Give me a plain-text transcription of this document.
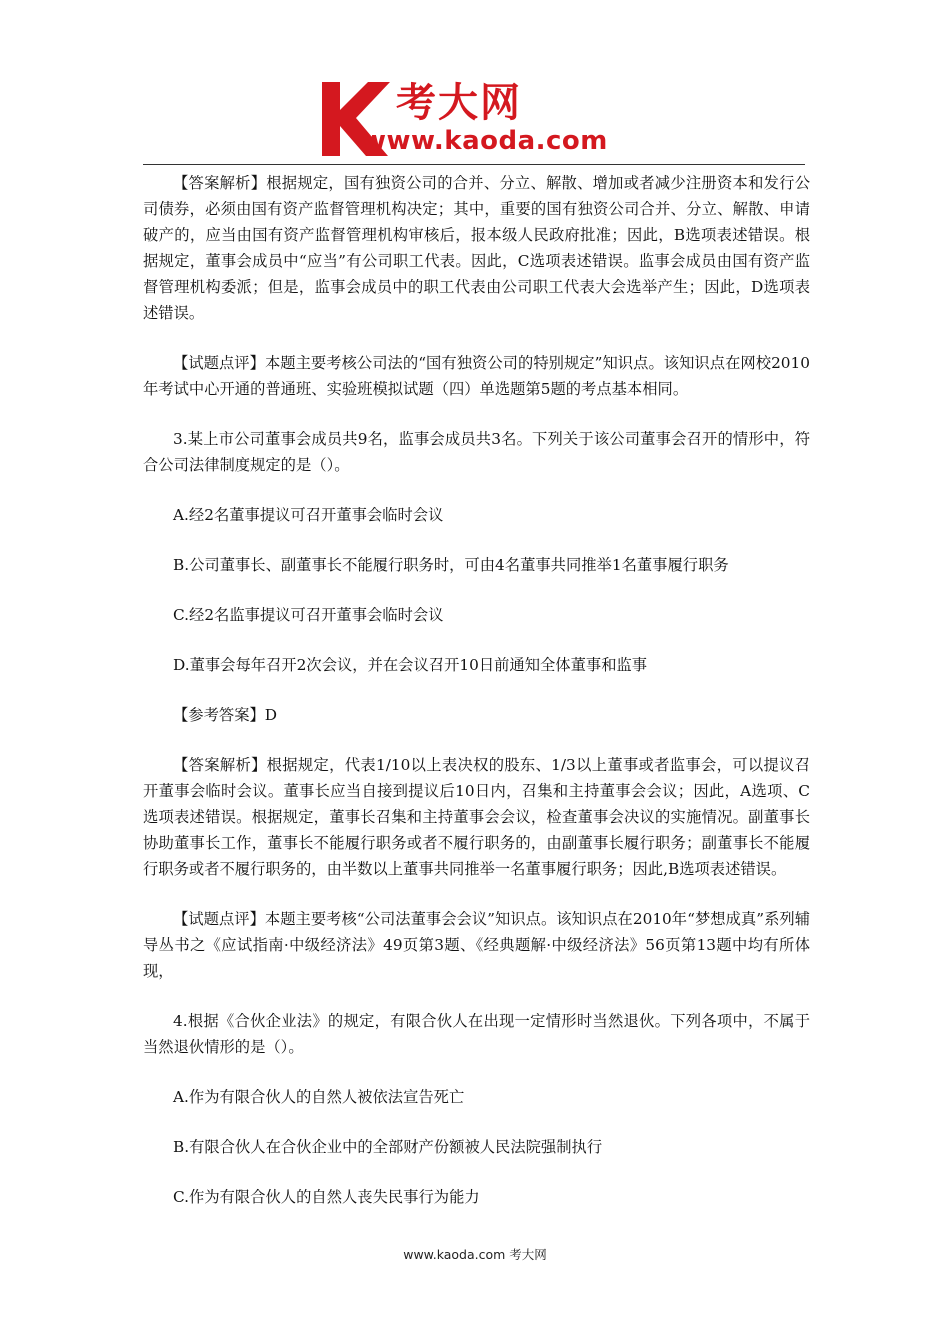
考大网
www.kaoda.com

【答案解析】根据规定，国有独资公司的合并、分立、解散、增加或者减少注册资本和发行公司债券，必须由国有资产监督管理机构决定；其中，重要的国有独资公司合并、分立、解散、申请破产的，应当由国有资产监督管理机构审核后，报本级人民政府批准；因此，B选项表述错误。根据规定，董事会成员中“应当”有公司职工代表。因此，C选项表述错误。监事会成员由国有资产监督管理机构委派；但是，监事会成员中的职工代表由公司职工代表大会选举产生；因此，D选项表述错误。

【试题点评】本题主要考核公司法的“国有独资公司的特别规定”知识点。该知识点在网校2010年考试中心开通的普通班、实验班模拟试题（四）单选题第5题的考点基本相同。

3.某上市公司董事会成员共9名，监事会成员共3名。下列关于该公司董事会召开的情形中，符合公司法律制度规定的是（）。

A.经2名董事提议可召开董事会临时会议

B.公司董事长、副董事长不能履行职务时，可由4名董事共同推举1名董事履行职务

C.经2名监事提议可召开董事会临时会议

D.董事会每年召开2次会议，并在会议召开10日前通知全体董事和监事

【参考答案】D

【答案解析】根据规定，代表1/10以上表决权的股东、1/3以上董事或者监事会，可以提议召开董事会临时会议。董事长应当自接到提议后10日内，召集和主持董事会会议；因此，A选项、C选项表述错误。根据规定，董事长召集和主持董事会会议，检查董事会决议的实施情况。副董事长协助董事长工作，董事长不能履行职务或者不履行职务的，由副董事长履行职务；副董事长不能履行职务或者不履行职务的，由半数以上董事共同推举一名董事履行职务；因此,B选项表述错误。

【试题点评】本题主要考核“公司法董事会会议”知识点。该知识点在2010年“梦想成真”系列辅导丛书之《应试指南·中级经济法》49页第3题、《经典题解·中级经济法》56页第13题中均有所体现，

4.根据《合伙企业法》的规定，有限合伙人在出现一定情形时当然退伙。下列各项中，不属于当然退伙情形的是（）。

A.作为有限合伙人的自然人被依法宣告死亡

B.有限合伙人在合伙企业中的全部财产份额被人民法院强制执行

C.作为有限合伙人的自然人丧失民事行为能力

www.kaoda.com 考大网
